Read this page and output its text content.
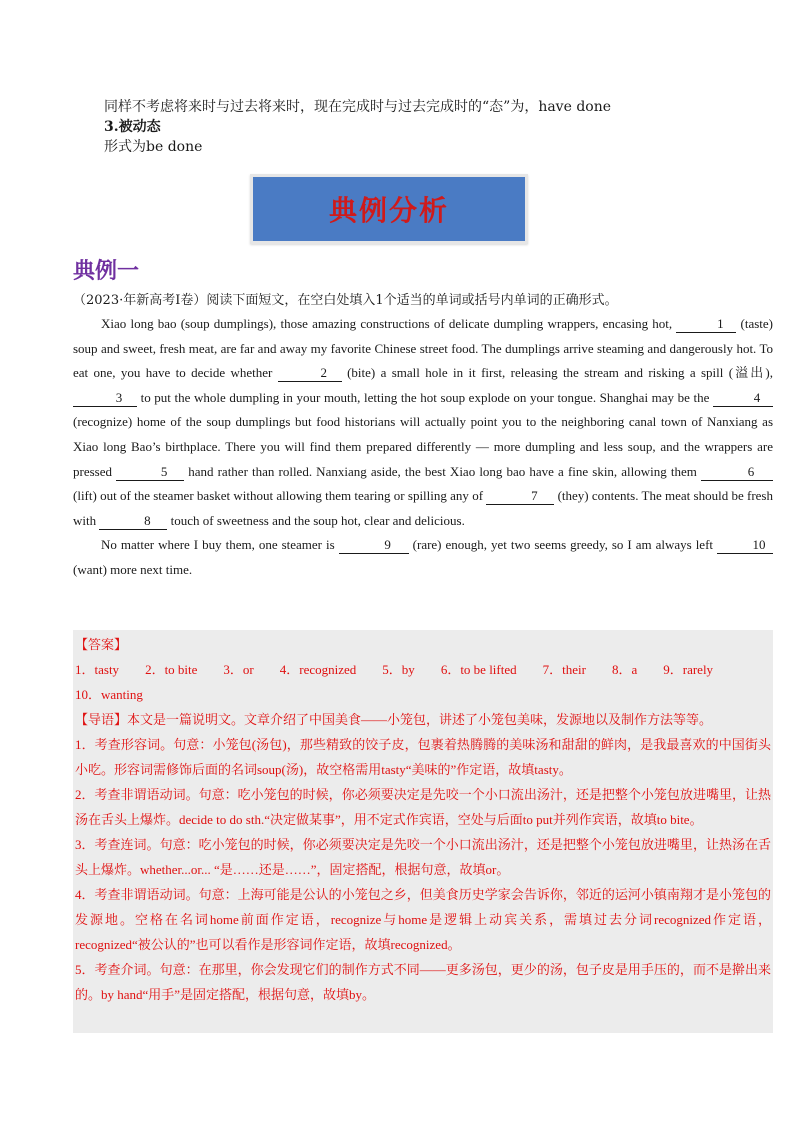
同样不考虑将来时与过去将来时，现在完成时与过去完成时的“态”为，have done
3.被动态
形式为be done
典例分析
典例一
（2023·年新高考Ⅰ卷）阅读下面短文，在空白处填入1个适当的单词或括号内单词的正确形式。

Xiao long bao (soup dumplings), those amazing constructions of delicate dumpling wrappers, encasing hot,	1 (taste) soup and sweet, fresh meat, are far and away my favorite Chinese street food. The dumplings arrive steaming and dangerously hot. To eat one, you have to decide whether	2 (bite) a small hole in it first, releasing the stream and risking a spill (溢出), 3 to put the whole dumpling in your mouth, letting the hot soup explode on your tongue. Shanghai may be the	4 (recognize) home of the soup dumplings but food historians will actually point you to the neighboring canal town of Nanxiang as Xiao long Bao’s birthplace. There you will find them prepared differently — more dumpling and less soup, and the wrappers are pressed	5 hand rather than rolled. Nanxiang aside, the best Xiao long bao have a fine skin, allowing them	6 (lift) out of the steamer basket without allowing them tearing or spilling any of	7 (they) contents. The meat should be fresh with	8 touch of sweetness and the soup hot, clear and delicious.

No matter where I buy them, one steamer is	9 (rare) enough, yet two seems greedy, so I am always left	10 (want) more next time.

【答案】
1．tasty 2．to bite 3．or 4．recognized 5．by 6．to be lifted 7．their 8．a 9．rarely
10．wanting

【导语】本文是一篇说明文。文章介绍了中国美食——小笼包，讲述了小笼包美味，发源地以及制作方法等等。

1．考查形容词。句意：小笼包(汤包)，那些精致的饺子皮，包裹着热腾腾的美味汤和甜甜的鲜肉，是我最喜欢的中国街头小吃。形容词需修饰后面的名词soup(汤)，故空格需用tasty“美味的”作定语，故填tasty。

2．考查非谓语动词。句意：吃小笼包的时候，你必须要决定是先咬一个小口流出汤汁，还是把整个小笼包放进嘴里，让热汤在舌头上爆炸。decide to do sth.“决定做某事”，用不定式作宾语，空处与后面to put并列作宾语，故填to bite。

3．考查连词。句意：吃小笼包的时候，你必须要决定是先咬一个小口流出汤汁，还是把整个小笼包放进嘴里，让热汤在舌头上爆炸。whether...or... “是……还是……”，固定搭配，根据句意，故填or。

4．考查非谓语动词。句意：上海可能是公认的小笼包之乡，但美食历史学家会告诉你，邻近的运河小镇南翔才是小笼包的发源地。空格在名词home前面作定语，recognize与home是逻辑上动宾关系，需填过去分词recognized作定语，recognized“被公认的”也可以看作是形容词作定语，故填recognized。

5．考查介词。句意：在那里，你会发现它们的制作方式不同——更多汤包，更少的汤，包子皮是用手压的，而不是擀出来的。by hand“用手”是固定搭配，根据句意，故填by。
